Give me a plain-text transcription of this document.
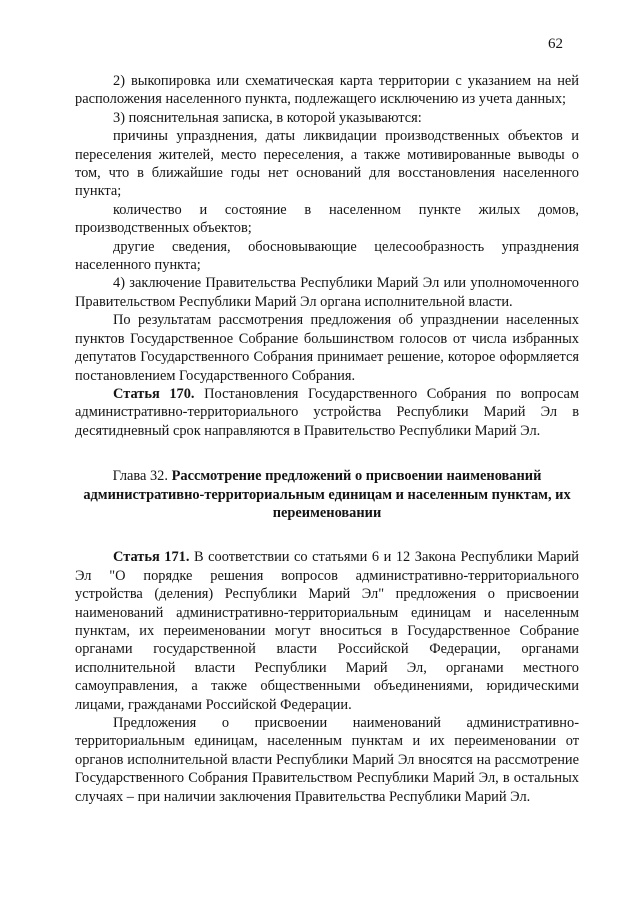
62

2) выкопировка или схематическая карта территории с указанием на ней расположения населенного пункта, подлежащего исключению из учета данных;

3) пояснительная записка, в которой указываются:

причины упразднения, даты ликвидации производственных объектов и переселения жителей, место переселения, а также мотивированные выводы о том, что в ближайшие годы нет оснований для восстановления населенного пункта;

количество и состояние в населенном пункте жилых домов, производственных объектов;

другие сведения, обосновывающие целесообразность упразднения населенного пункта;

4) заключение Правительства Республики Марий Эл или уполномоченного Правительством Республики Марий Эл органа исполнительной власти.

По результатам рассмотрения предложения об упразднении населенных пунктов Государственное Собрание большинством голосов от числа избранных депутатов Государственного Собрания принимает решение, которое оформляется постановлением Государственного Собрания.

Статья 170. Постановления Государственного Собрания по вопросам административно-территориального устройства Республики Марий Эл в десятидневный срок направляются в Правительство Республики Марий Эл.

Глава 32. Рассмотрение предложений о присвоении наименований административно-территориальным единицам и населенным пунктам, их переименовании

Статья 171. В соответствии со статьями 6 и 12 Закона Республики Марий Эл "О порядке решения вопросов административно-территориального устройства (деления) Республики Марий Эл" предложения о присвоении наименований административно-территориальным единицам и населенным пунктам, их переименовании могут вноситься в Государственное Собрание органами государственной власти Российской Федерации, органами исполнительной власти Республики Марий Эл, органами местного самоуправления, а также общественными объединениями, юридическими лицами, гражданами Российской Федерации.

Предложения о присвоении наименований административно-территориальным единицам, населенным пунктам и их переименовании от органов исполнительной власти Республики Марий Эл вносятся на рассмотрение Государственного Собрания Правительством Республики Марий Эл, в остальных случаях – при наличии заключения Правительства Республики Марий Эл.
